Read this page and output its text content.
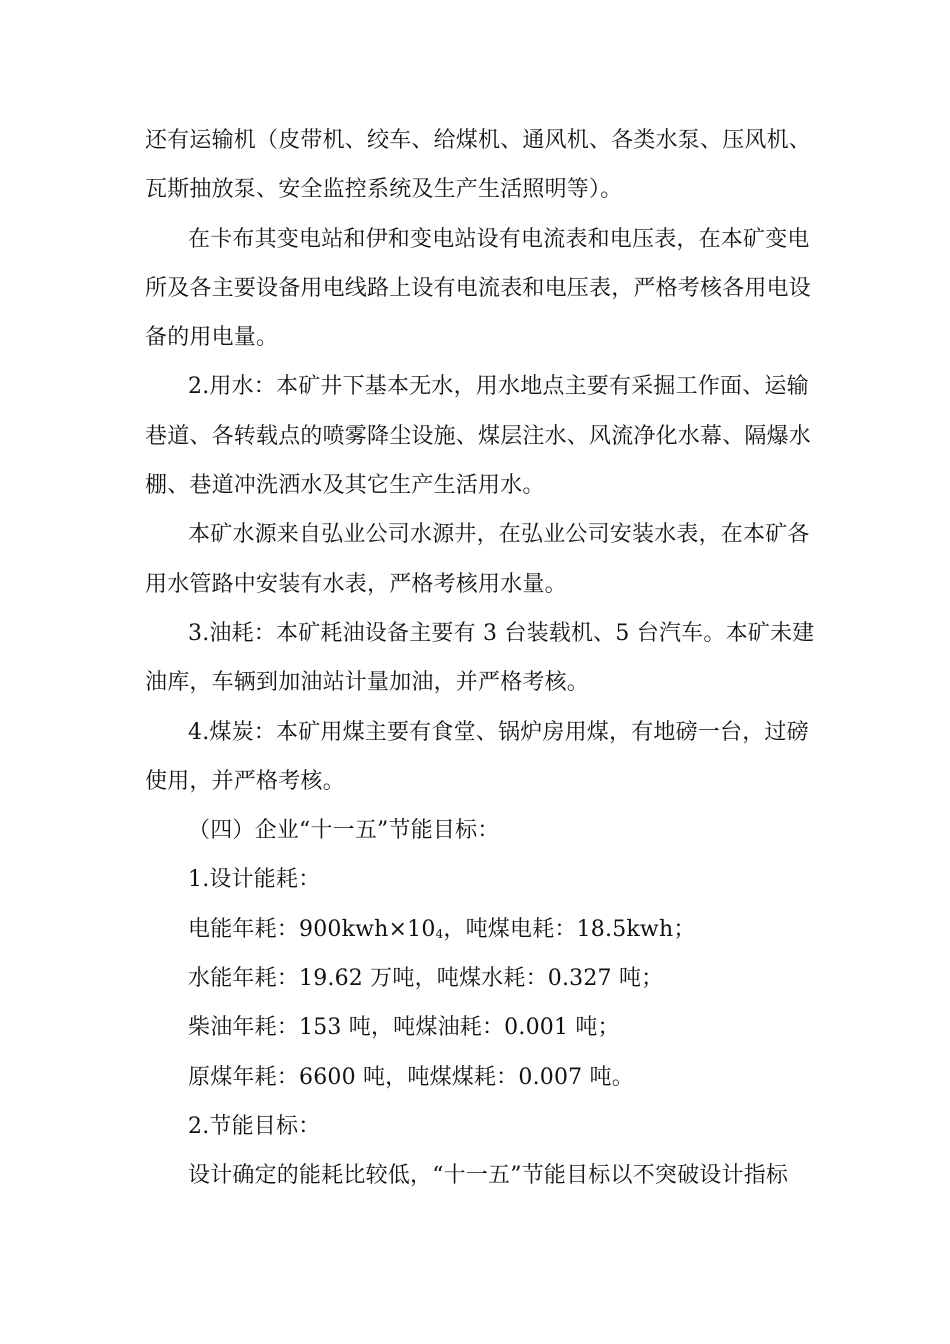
还有运输机（皮带机、绞车、给煤机、通风机、各类水泵、压风机、
瓦斯抽放泵、安全监控系统及生产生活照明等）。
在卡布其变电站和伊和变电站设有电流表和电压表，在本矿变电
所及各主要设备用电线路上设有电流表和电压表，严格考核各用电设
备的用电量。
2.用水：本矿井下基本无水，用水地点主要有采掘工作面、运输
巷道、各转载点的喷雾降尘设施、煤层注水、风流净化水幕、隔爆水
棚、巷道冲洗洒水及其它生产生活用水。
本矿水源来自弘业公司水源井，在弘业公司安装水表，在本矿各
用水管路中安装有水表，严格考核用水量。
3.油耗：本矿耗油设备主要有 3 台装载机、5 台汽车。本矿未建
油库，车辆到加油站计量加油，并严格考核。
4.煤炭：本矿用煤主要有食堂、锅炉房用煤，有地磅一台，过磅
使用，并严格考核。
（四）企业“十一五”节能目标：
1.设计能耗：
电能年耗：900kwh×104，吨煤电耗：18.5kwh；
水能年耗：19.62 万吨，吨煤水耗：0.327 吨；
柴油年耗：153 吨，吨煤油耗：0.001 吨；
原煤年耗：6600 吨，吨煤煤耗：0.007 吨。
2.节能目标：
设计确定的能耗比较低，“十一五”节能目标以不突破设计指标
